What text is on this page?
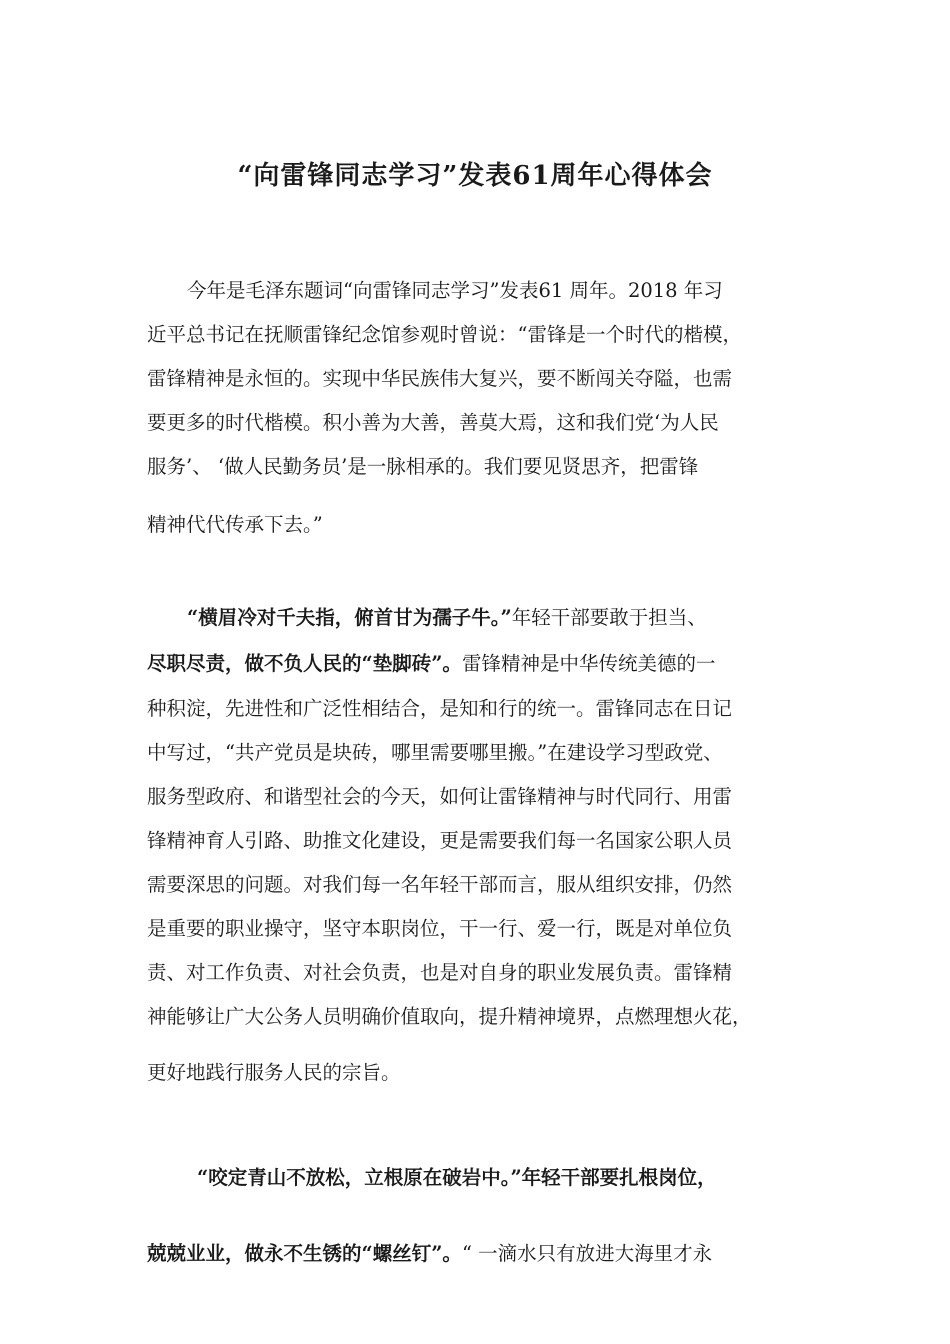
“向雷锋同志学习”发表61周年心得体会
今年是毛泽东题词“向雷锋同志学习”发表61 周年。2018 年习
近平总书记在抚顺雷锋纪念馆参观时曾说：“雷锋是一个时代的楷模，
雷锋精神是永恒的。实现中华民族伟大复兴，要不断闯关夺隘，也需
要更多的时代楷模。积小善为大善，善莫大焉，这和我们党‘为人民
服务’、 ‘做人民勤务员’是一脉相承的。我们要见贤思齐，把雷锋
精神代代传承下去。”
“横眉冷对千夫指，俯首甘为孺子牛。”年轻干部要敢于担当、
尽职尽责，做不负人民的“垫脚砖”。雷锋精神是中华传统美德的一
种积淀，先进性和广泛性相结合，是知和行的统一。雷锋同志在日记
中写过，“共产党员是块砖，哪里需要哪里搬。”在建设学习型政党、
服务型政府、和谐型社会的今天，如何让雷锋精神与时代同行、用雷
锋精神育人引路、助推文化建设，更是需要我们每一名国家公职人员
需要深思的问题。对我们每一名年轻干部而言，服从组织安排，仍然
是重要的职业操守，坚守本职岗位，干一行、爱一行，既是对单位负
责、对工作负责、对社会负责，也是对自身的职业发展负责。雷锋精
神能够让广大公务人员明确价值取向，提升精神境界，点燃理想火花，
更好地践行服务人民的宗旨。
“咬定青山不放松，立根原在破岩中。”年轻干部要扎根岗位，
兢兢业业，做永不生锈的“螺丝钉”。“ 一滴水只有放进大海里才永
